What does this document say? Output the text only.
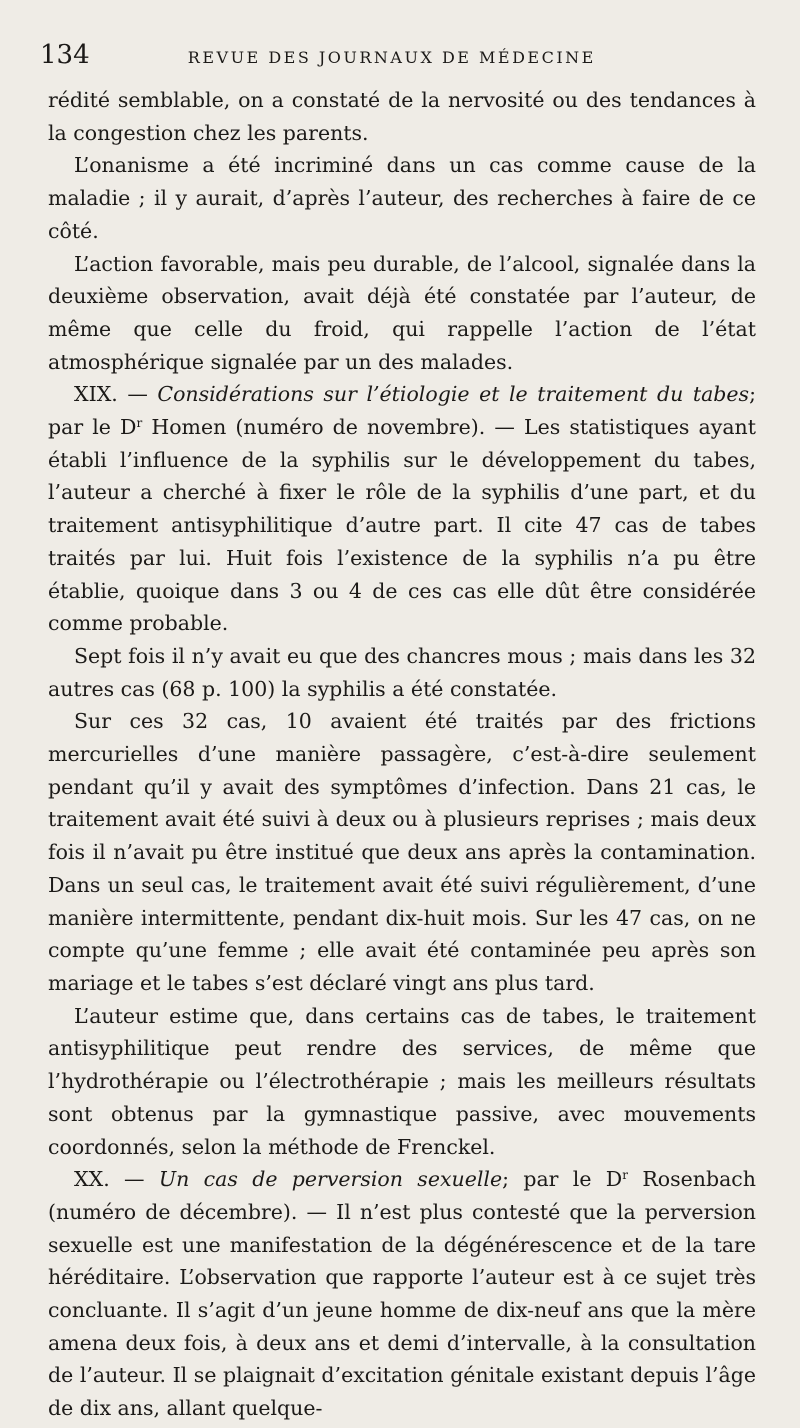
134	REVUE DES JOURNAUX DE MÉDECINE

rédité semblable, on a constaté de la nervosité ou des tendances à la congestion chez les parents.

L’onanisme a été incriminé dans un cas comme cause de la maladie ; il y aurait, d’après l’auteur, des recherches à faire de ce côté.

L’action favorable, mais peu durable, de l’alcool, signalée dans la deuxième observation, avait déjà été constatée par l’auteur, de même que celle du froid, qui rappelle l’action de l’état atmosphérique signalée par un des malades.

XIX. — Considérations sur l’étiologie et le traitement du tabes; par le $D^r$ Homen (numéro de novembre). — Les statistiques ayant établi l’influence de la syphilis sur le développement du tabes, l’auteur a cherché à fixer le rôle de la syphilis d’une part, et du traitement antisyphilitique d’autre part. Il cite 47 cas de tabes traités par lui. Huit fois l’existence de la syphilis n’a pu être établie, quoique dans 3 ou 4 de ces cas elle dût être considérée comme probable.

Sept fois il n’y avait eu que des chancres mous ; mais dans les 32 autres cas (68 p. 100) la syphilis a été constatée.

Sur ces 32 cas, 10 avaient été traités par des frictions mercurielles d’une manière passagère, c’est-à-dire seulement pendant qu’il y avait des symptômes d’infection. Dans 21 cas, le traitement avait été suivi à deux ou à plusieurs reprises ; mais deux fois il n’avait pu être institué que deux ans après la contamination. Dans un seul cas, le traitement avait été suivi régulièrement, d’une manière intermittente, pendant dix-huit mois. Sur les 47 cas, on ne compte qu’une femme ; elle avait été contaminée peu après son mariage et le tabes s’est déclaré vingt ans plus tard.

L’auteur estime que, dans certains cas de tabes, le traitement antisyphilitique peut rendre des services, de même que l’hydrothérapie ou l’électrothérapie ; mais les meilleurs résultats sont obtenus par la gymnastique passive, avec mouvements coordonnés, selon la méthode de Frenckel.

XX. — Un cas de perversion sexuelle; par le $D^r$ Rosenbach (numéro de décembre). — Il n’est plus contesté que la perversion sexuelle est une manifestation de la dégénérescence et de la tare héréditaire. L’observation que rapporte l’auteur est à ce sujet très concluante. Il s’agit d’un jeune homme de dix-neuf ans que la mère amena deux fois, à deux ans et demi d’intervalle, à la consultation de l’auteur. Il se plaignait d’excitation génitale existant depuis l’âge de dix ans, allant quelque-
